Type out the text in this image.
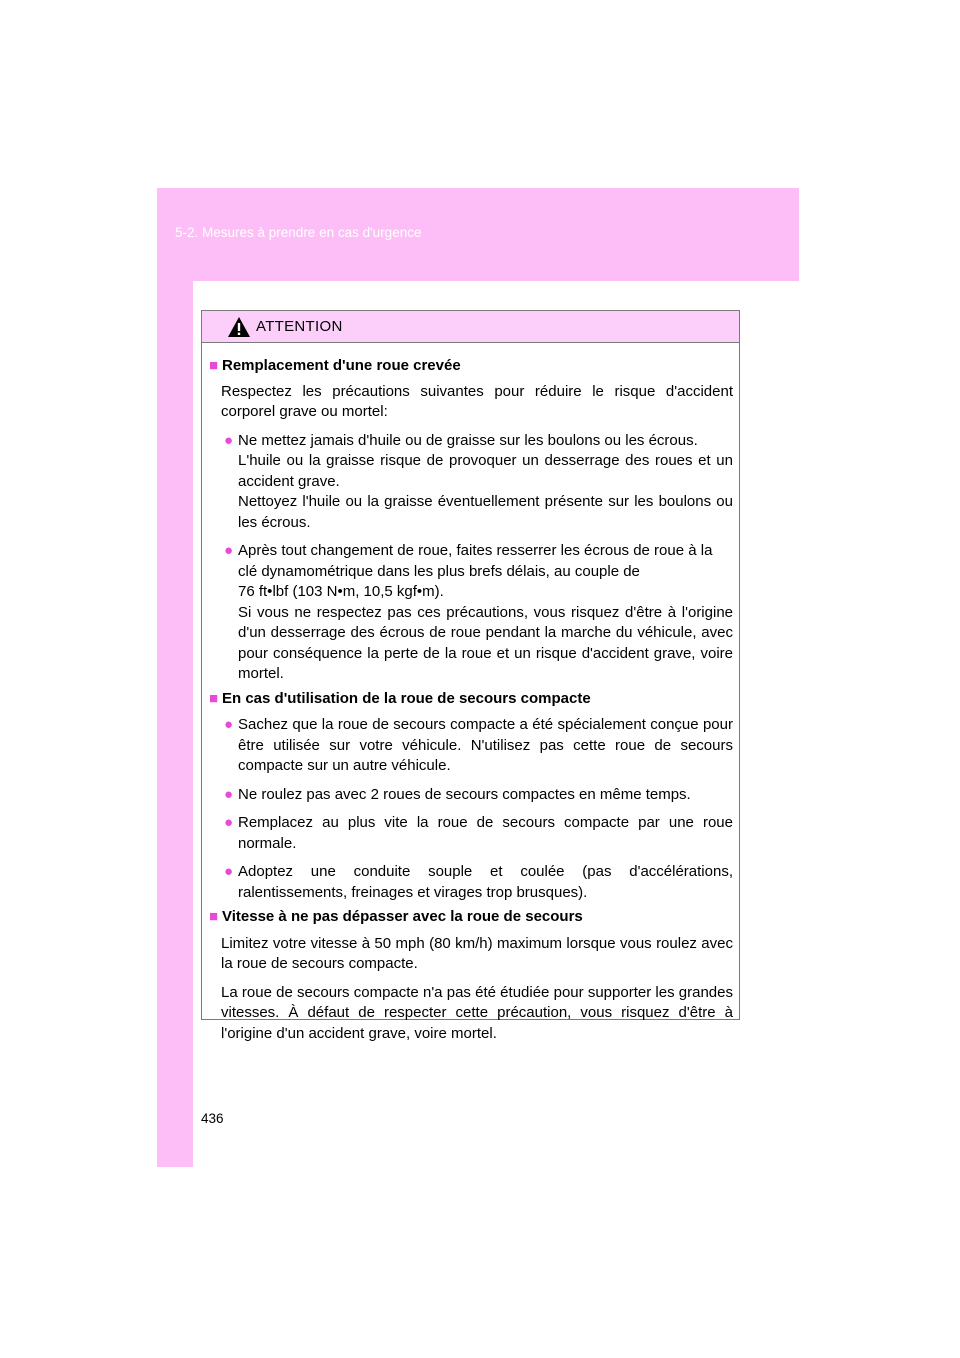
5-2. Mesures à prendre en cas d'urgence
ATTENTION
■ Remplacement d'une roue crevée
Respectez les précautions suivantes pour réduire le risque d'accident corporel grave ou mortel:
● Ne mettez jamais d'huile ou de graisse sur les boulons ou les écrous.
L'huile ou la graisse risque de provoquer un desserrage des roues et un accident grave.
Nettoyez l'huile ou la graisse éventuellement présente sur les boulons ou les écrous.
● Après tout changement de roue, faites resserrer les écrous de roue à la clé dynamométrique dans les plus brefs délais, au couple de
76 ft•lbf (103 N•m, 10,5 kgf•m).
Si vous ne respectez pas ces précautions, vous risquez d'être à l'origine d'un desserrage des écrous de roue pendant la marche du véhicule, avec pour conséquence la perte de la roue et un risque d'accident grave, voire mortel.
■ En cas d'utilisation de la roue de secours compacte
● Sachez que la roue de secours compacte a été spécialement conçue pour être utilisée sur votre véhicule. N'utilisez pas cette roue de secours compacte sur un autre véhicule.
● Ne roulez pas avec 2 roues de secours compactes en même temps.
● Remplacez au plus vite la roue de secours compacte par une roue normale.
● Adoptez une conduite souple et coulée (pas d'accélérations, ralentissements, freinages et virages trop brusques).
■ Vitesse à ne pas dépasser avec la roue de secours
Limitez votre vitesse à 50 mph (80 km/h) maximum lorsque vous roulez avec la roue de secours compacte.
La roue de secours compacte n'a pas été étudiée pour supporter les grandes vitesses. À défaut de respecter cette précaution, vous risquez d'être à l'origine d'un accident grave, voire mortel.
436
